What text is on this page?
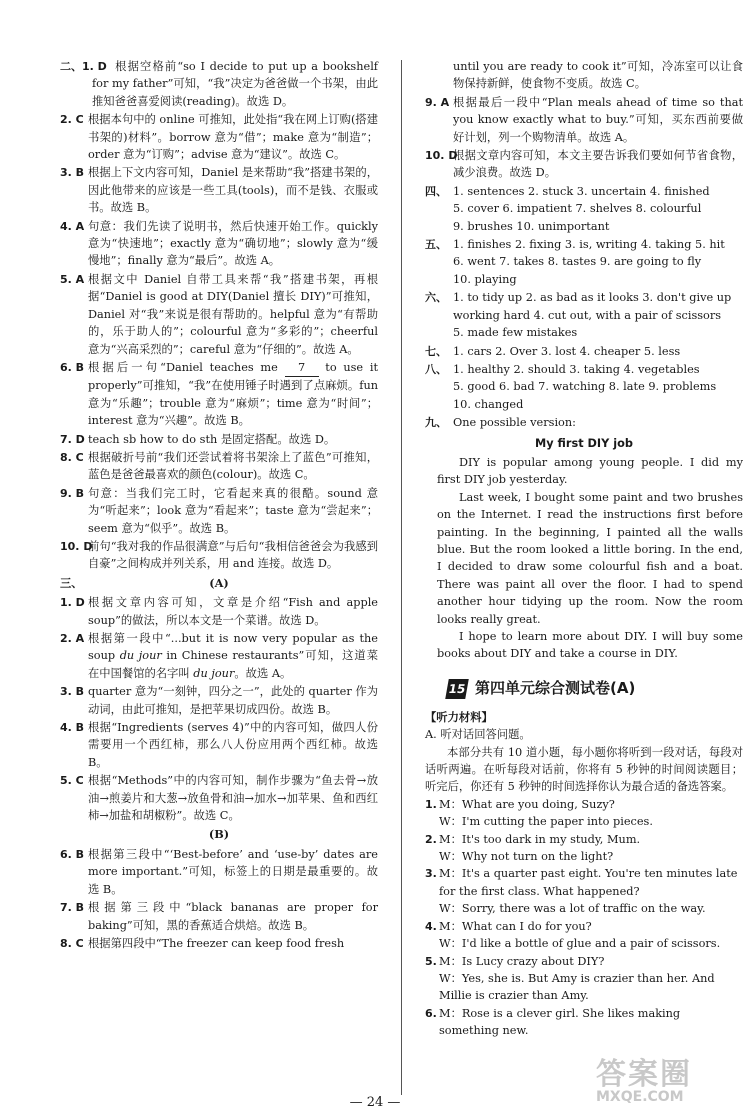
二、 1. D 根据空格前“so I decide to put up a bookshelf for my father”可知，“我”决定为爸爸做一个书架，由此推知爸爸喜爱阅读(reading)。故选 D。
2. C 根据本句中的 online 可推知，此处指“我在网上订购(搭建书架的)材料”。borrow 意为“借”；make 意为“制造”；order 意为“订购”；advise 意为“建议”。故选 C。
3. B 根据上下文内容可知，Daniel 是来帮助“我”搭建书架的，因此他带来的应该是一些工具(tools)，而不是钱、衣服或书。故选 B。
4. A 句意：我们先读了说明书，然后快速开始工作。quickly 意为“快速地”；exactly 意为“确切地”；slowly 意为“缓慢地”；finally 意为“最后”。故选 A。
5. A 根据文中 Daniel 自带工具来帮“我”搭建书架，再根据“Daniel is good at DIY(Daniel 擅长 DIY)”可推知，Daniel 对“我”来说是很有帮助的。helpful 意为“有帮助的，乐于助人的”；colourful 意为“多彩的”；cheerful 意为“兴高采烈的”；careful 意为“仔细的”。故选 A。
6. B 根据后一句“Daniel teaches me 7 to use it properly”可推知，“我”在使用锤子时遇到了点麻烦。fun 意为“乐趣”；trouble 意为“麻烦”；time 意为“时间”；interest 意为“兴趣”。故选 B。
7. D teach sb how to do sth 是固定搭配。故选 D。
8. C 根据破折号前“我们还尝试着将书架涂上了蓝色”可推知，蓝色是爸爸最喜欢的颜色(colour)。故选 C。
9. B 句意：当我们完工时，它看起来真的很酷。sound 意为“听起来”；look 意为“看起来”；taste 意为“尝起来”；seem 意为“似乎”。故选 B。
10. D
前句“我对我的作品很满意”与后句“我相信爸爸会为我感到自豪”之间构成并列关系，用 and 连接。故选 D。
三、	(A)
1. D 根据文章内容可知，文章是介绍“Fish and apple soup”的做法，所以本文是一个菜谱。故选 D。
2. A 根据第一段中“...but it is now very popular as the soup du jour in Chinese restaurants”可知，这道菜在中国餐馆的名字叫 du jour。故选 A。
3. B quarter 意为“一刻钟，四分之一”，此处的 quarter 作为动词，由此可推知，是把苹果切成四份。故选 B。
4. B 根据“Ingredients (serves 4)”中的内容可知，做四人份需要用一个西红柿，那么八人份应用两个西红柿。故选 B。
5. C 根据“Methods”中的内容可知，制作步骤为“鱼去骨→放油→煎姜片和大葱→放鱼骨和油→加水→加苹果、鱼和西红柿→加盐和胡椒粉”。故选 C。
(B)
6. B 根据第三段中“‘Best-before’ and ‘use-by’ dates are more important.”可知，标签上的日期是最重要的。故选 B。
7. B 根据第三段中“black bananas are proper for baking”可知，黑的香蕉适合烘焙。故选 B。
8. C 根据第四段中“The freezer can keep food fresh
until you are ready to cook it”可知，冷冻室可以让食物保持新鲜，使食物不变质。故选 C。
9. A 根据最后一段中“Plan meals ahead of time so that you know exactly what to buy.”可知，买东西前要做好计划，列一个购物清单。故选 A。
10. D
根据文章内容可知，本文主要告诉我们要如何节省食物，减少浪费。故选 D。
四、 1. sentences 2. stuck 3. uncertain 4. finished
5. cover 6. impatient 7. shelves 8. colourful
9. brushes 10. unimportant
五、 1. finishes 2. fixing 3. is, writing 4. taking 5. hit
6. went 7. takes 8. tastes 9. are going to fly
10. playing
六、 1. to tidy up 2. as bad as it looks 3. don't give up
working hard 4. cut out, with a pair of scissors
5. made few mistakes
七、 1. cars 2. Over 3. lost 4. cheaper 5. less
八、 1. healthy 2. should 3. taking 4. vegetables
5. good 6. bad 7. watching 8. late 9. problems
10. changed
九、 One possible version:
My first DIY job
DIY is popular among young people. I did my first DIY job yesterday.
Last week, I bought some paint and two brushes on the Internet. I read the instructions first before painting. In the beginning, I painted all the walls blue. But the room looked a little boring. In the end, I decided to draw some colourful fish and a boat. There was paint all over the floor. I had to spend another hour tidying up the room. Now the room looks really great.
I hope to learn more about DIY. I will buy some books about DIY and take a course in DIY.
15 第四单元综合测试卷(A)
【听力材料】
A. 听对话回答问题。
本部分共有 10 道小题，每小题你将听到一段对话，每段对话听两遍。在听每段对话前，你将有 5 秒钟的时间阅读题目；听完后，你还有 5 秒钟的时间选择你认为最合适的备选答案。
1. M：What are you doing, Suzy?
W：I'm cutting the paper into pieces.
2. M：It's too dark in my study, Mum.
W：Why not turn on the light?
3. M：It's a quarter past eight. You're ten minutes late for the first class. What happened?
W：Sorry, there was a lot of traffic on the way.
4. M：What can I do for you?
W：I'd like a bottle of glue and a pair of scissors.
5. M：Is Lucy crazy about DIY?
W：Yes, she is. But Amy is crazier than her. And Millie is crazier than Amy.
6. M：Rose is a clever girl. She likes making something new.
— 24 —
答案圈
MXQE.COM
